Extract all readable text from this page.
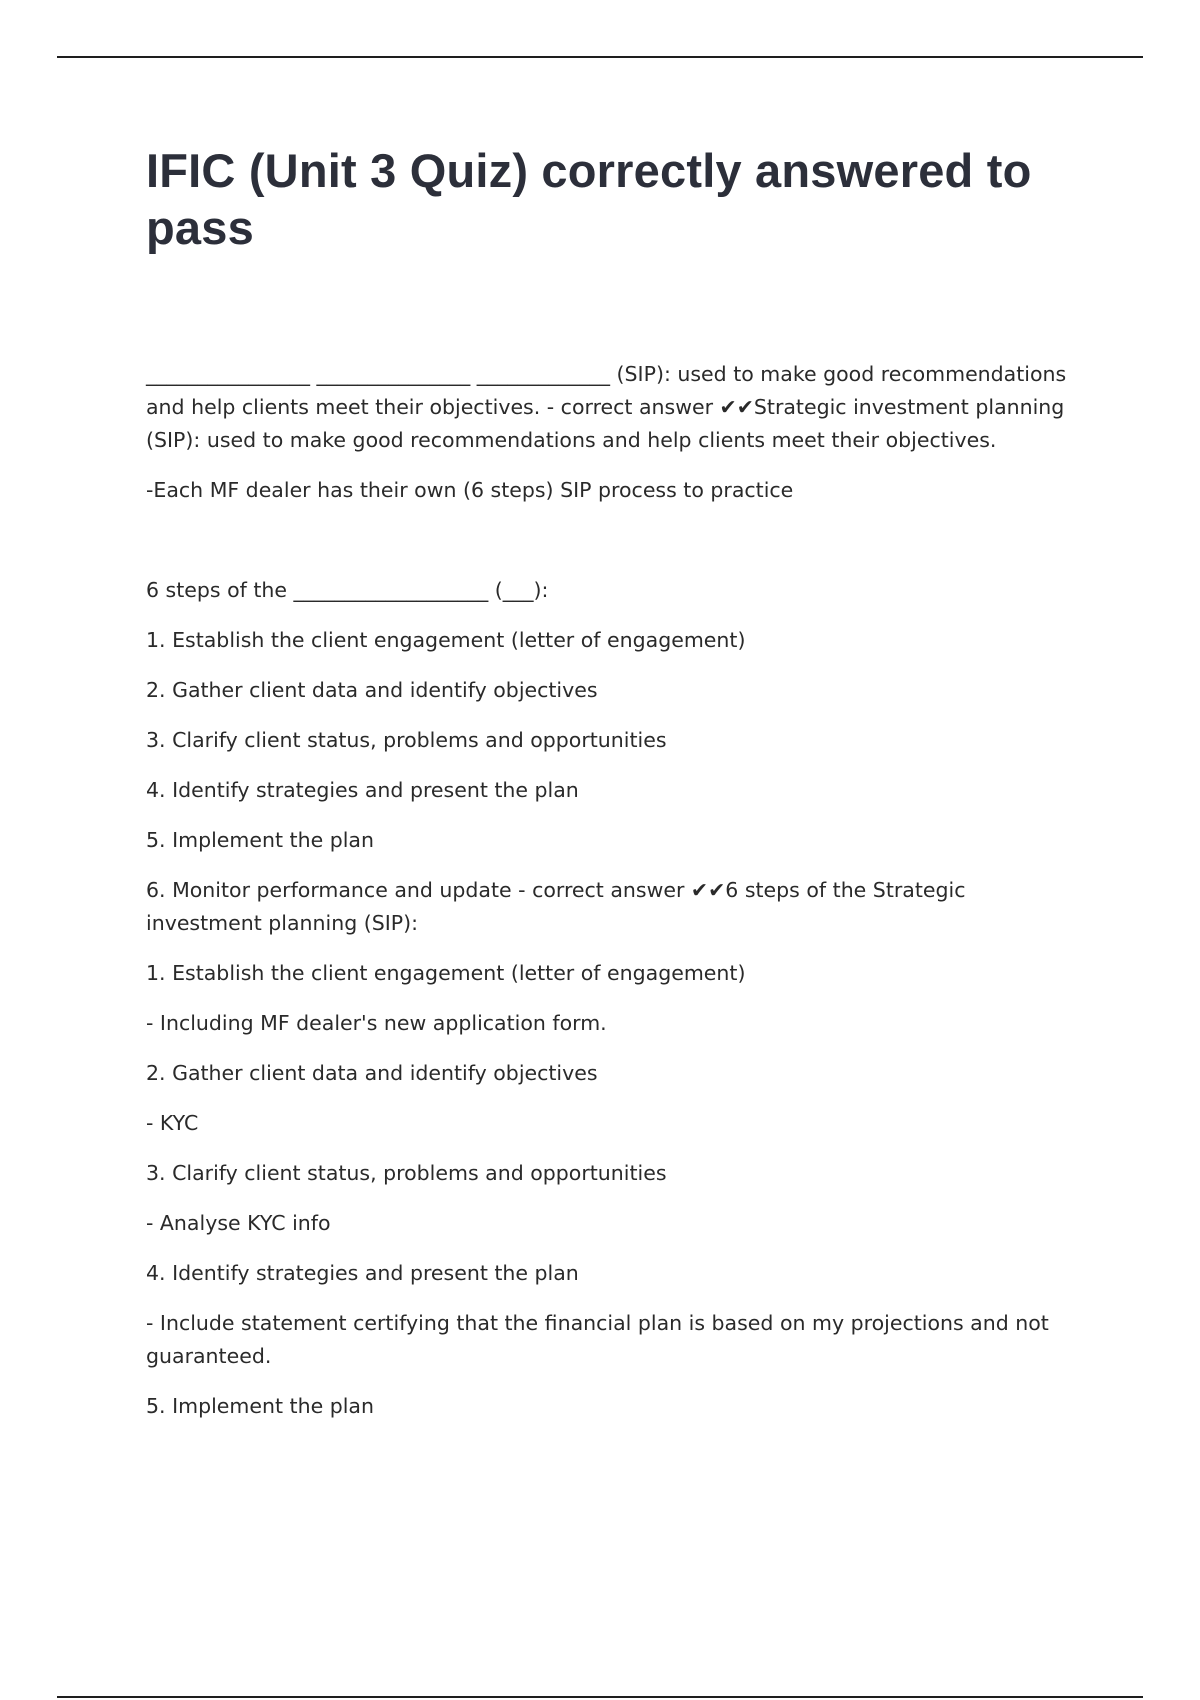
IFIC (Unit 3 Quiz) correctly answered to pass

________________ _______________ _____________ (SIP): used to make good recommendations and help clients meet their objectives. - correct answer ✔✔Strategic investment planning (SIP): used to make good recommendations and help clients meet their objectives.

-Each MF dealer has their own (6 steps) SIP process to practice

6 steps of the ___________________ (___):

1. Establish the client engagement (letter of engagement)

2. Gather client data and identify objectives

3. Clarify client status, problems and opportunities

4. Identify strategies and present the plan

5. Implement the plan

6. Monitor performance and update - correct answer ✔✔6 steps of the Strategic investment planning (SIP):

1. Establish the client engagement (letter of engagement)

- Including MF dealer's new application form.

2. Gather client data and identify objectives

- KYC

3. Clarify client status, problems and opportunities

- Analyse KYC info

4. Identify strategies and present the plan

- Include statement certifying that the financial plan is based on my projections and not guaranteed.

5. Implement the plan
